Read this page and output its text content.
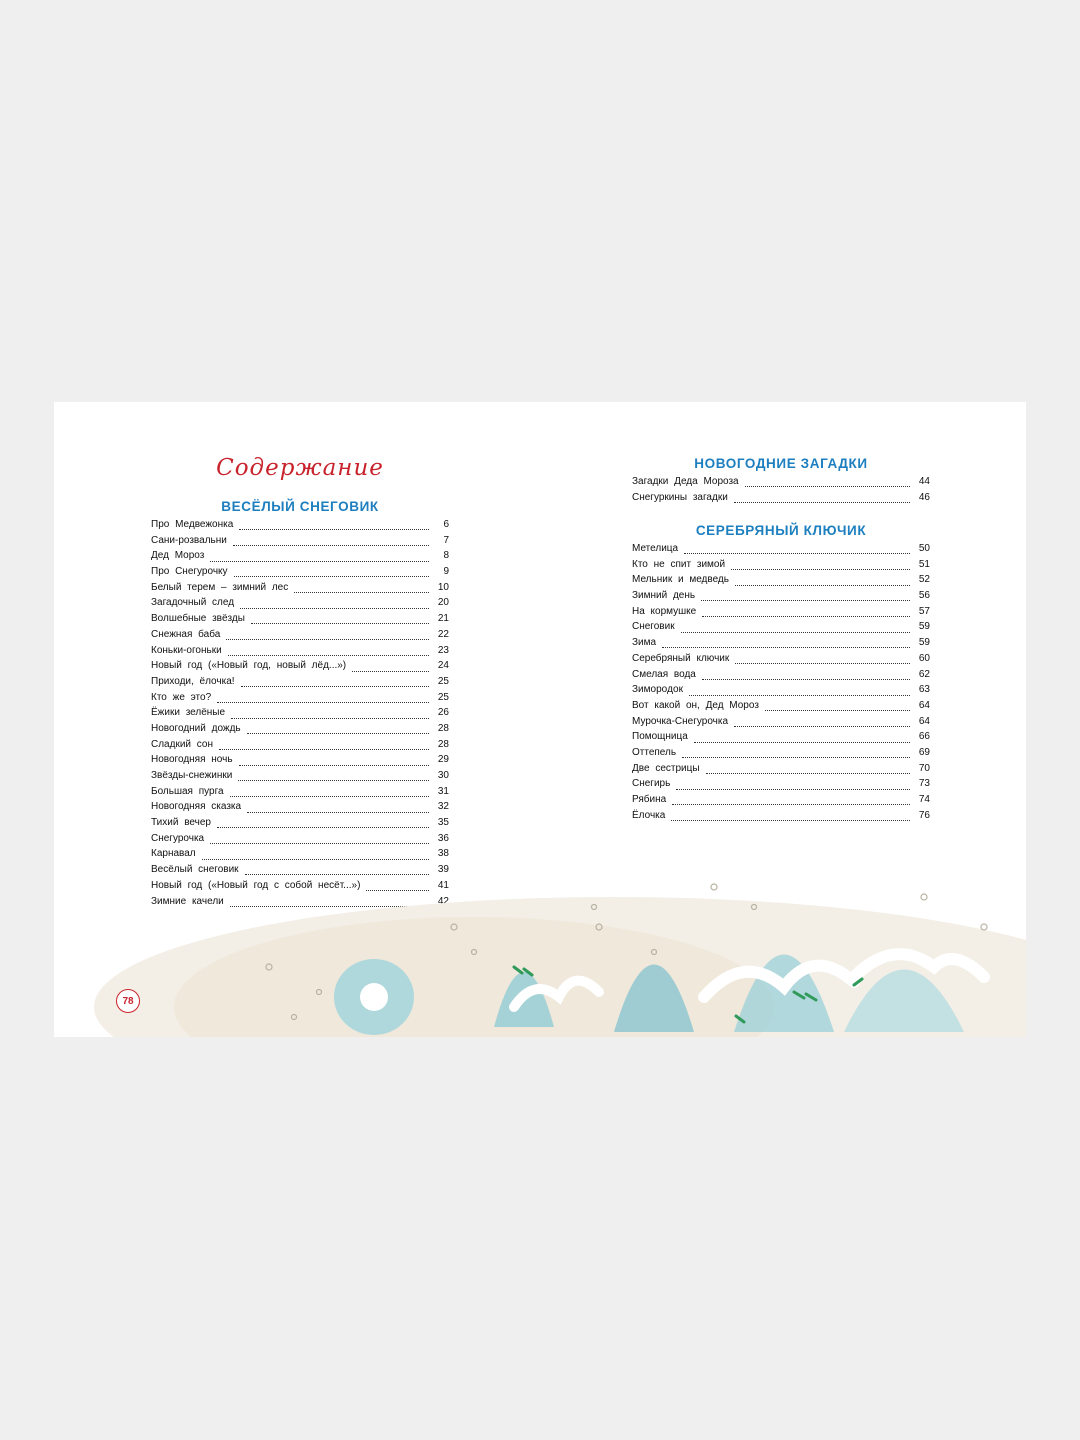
Содержание
ВЕСЁЛЫЙ СНЕГОВИК
Про Медвежонка	6
Сани-розвальни	7
Дед Мороз	8
Про Снегурочку	9
Белый терем – зимний лес	10
Загадочный след	20
Волшебные звёзды	21
Снежная баба	22
Коньки-огоньки	23
Новый год («Новый год, новый лёд...»)	24
Приходи, ёлочка!	25
Кто же это?	25
Ёжики зелёные	26
Новогодний дождь	28
Сладкий сон	28
Новогодняя ночь	29
Звёзды-снежинки	30
Большая пурга	31
Новогодняя сказка	32
Тихий вечер	35
Снегурочка	36
Карнавал	38
Весёлый снеговик	39
Новый год («Новый год с собой несёт...»)	41
Зимние качели	42
НОВОГОДНИЕ ЗАГАДКИ
Загадки Деда Мороза	44
Снегуркины загадки	46
СЕРЕБРЯНЫЙ КЛЮЧИК
Метелица	50
Кто не спит зимой	51
Мельник и медведь	52
Зимний день	56
На кормушке	57
Снеговик	59
Зима	59
Серебряный ключик	60
Смелая вода	62
Зиморoдок	63
Вот какой он, Дед Мороз	64
Мурочка-Снегурочка	64
Помощница	66
Оттепель	69
Две сестрицы	70
Снегирь	73
Рябина	74
Ёлочка	76
78
